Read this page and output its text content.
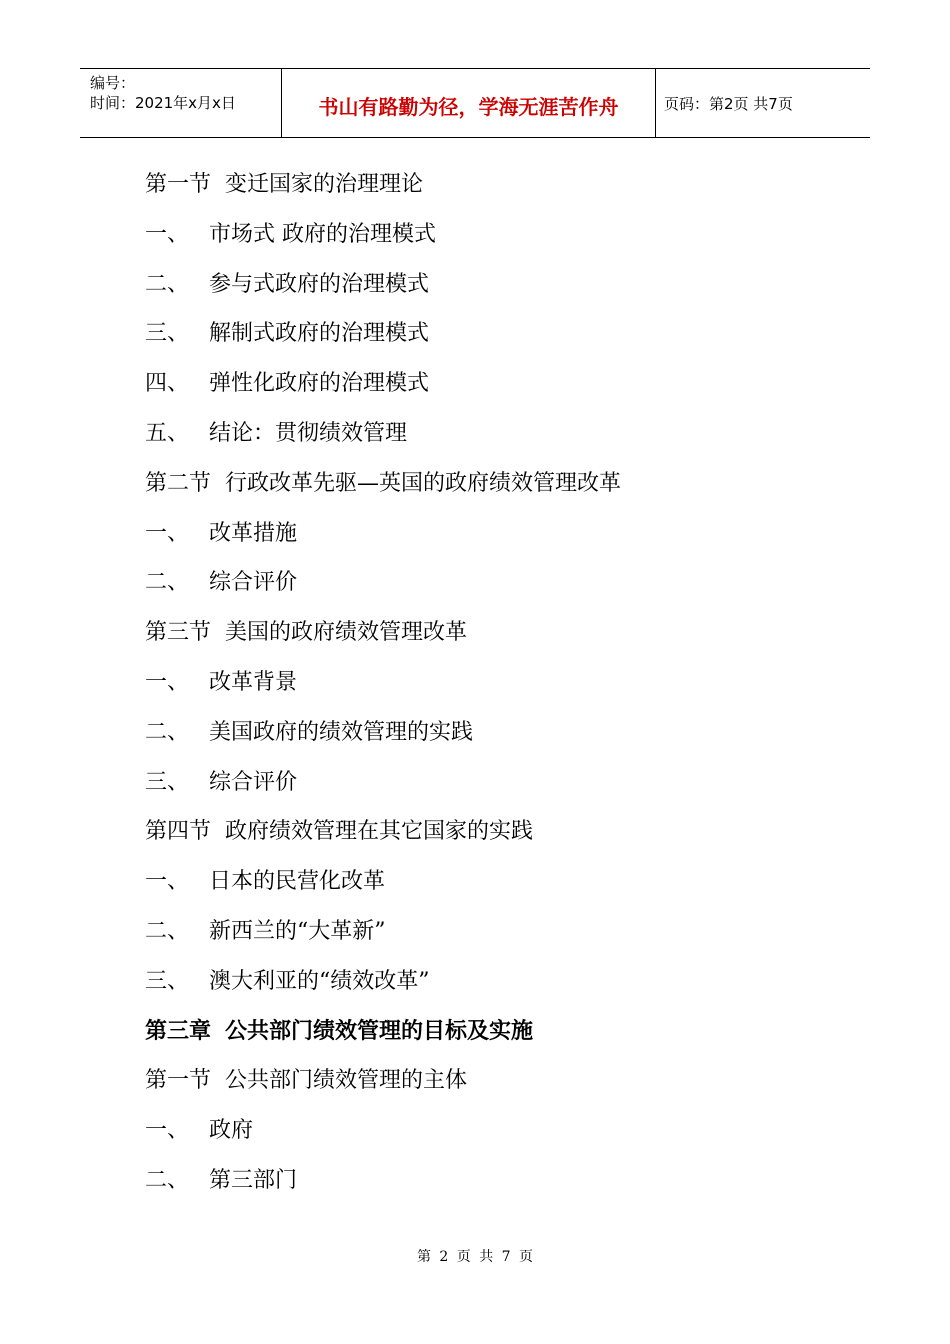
编号：
时间：2021年x月x日	书山有路勤为径，学海无涯苦作舟	页码：第2页 共7页
第一节 变迁国家的治理理论
一、 市场式 政府的治理模式
二、 参与式政府的治理模式
三、 解制式政府的治理模式
四、 弹性化政府的治理模式
五、 结论：贯彻绩效管理
第二节 行政改革先驱—英国的政府绩效管理改革
一、 改革措施
二、 综合评价
第三节 美国的政府绩效管理改革
一、 改革背景
二、 美国政府的绩效管理的实践
三、 综合评价
第四节 政府绩效管理在其它国家的实践
一、 日本的民营化改革
二、 新西兰的“大革新”
三、 澳大利亚的“绩效改革”
第三章 公共部门绩效管理的目标及实施
第一节 公共部门绩效管理的主体
一、 政府
二、 第三部门
第 2 页 共 7 页
